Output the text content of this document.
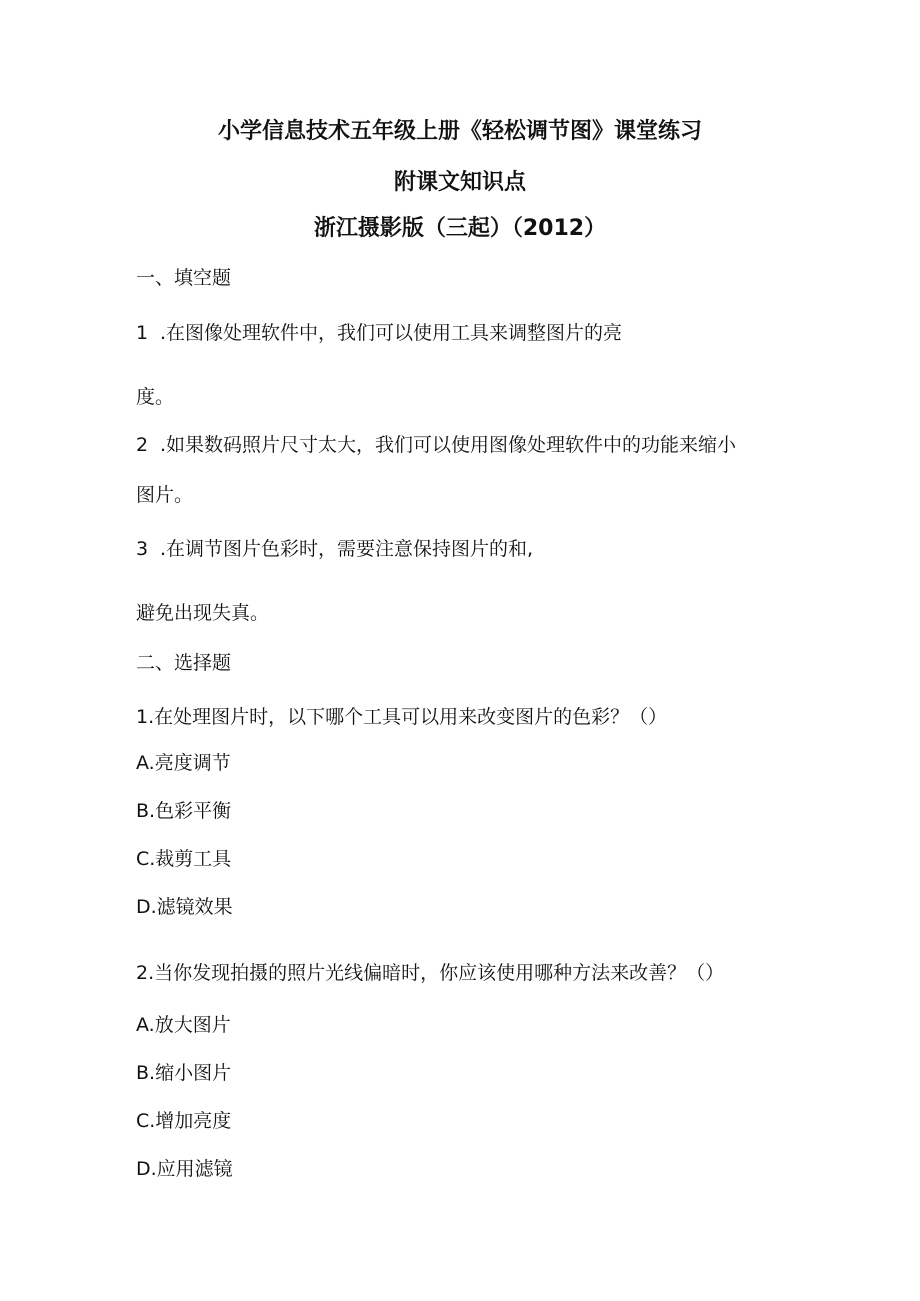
小学信息技术五年级上册《轻松调节图》课堂练习
附课文知识点
浙江摄影版（三起）（2012）
一、填空题
1 .在图像处理软件中，我们可以使用工具来调整图片的亮
度。
2 .如果数码照片尺寸太大，我们可以使用图像处理软件中的功能来缩小
图片。
3 .在调节图片色彩时，需要注意保持图片的和,
避免出现失真。
二、选择题
1.在处理图片时，以下哪个工具可以用来改变图片的色彩？（）
A.亮度调节
B.色彩平衡
C.裁剪工具
D.滤镜效果
2.当你发现拍摄的照片光线偏暗时，你应该使用哪种方法来改善？（）
A.放大图片
B.缩小图片
C.增加亮度
D.应用滤镜
